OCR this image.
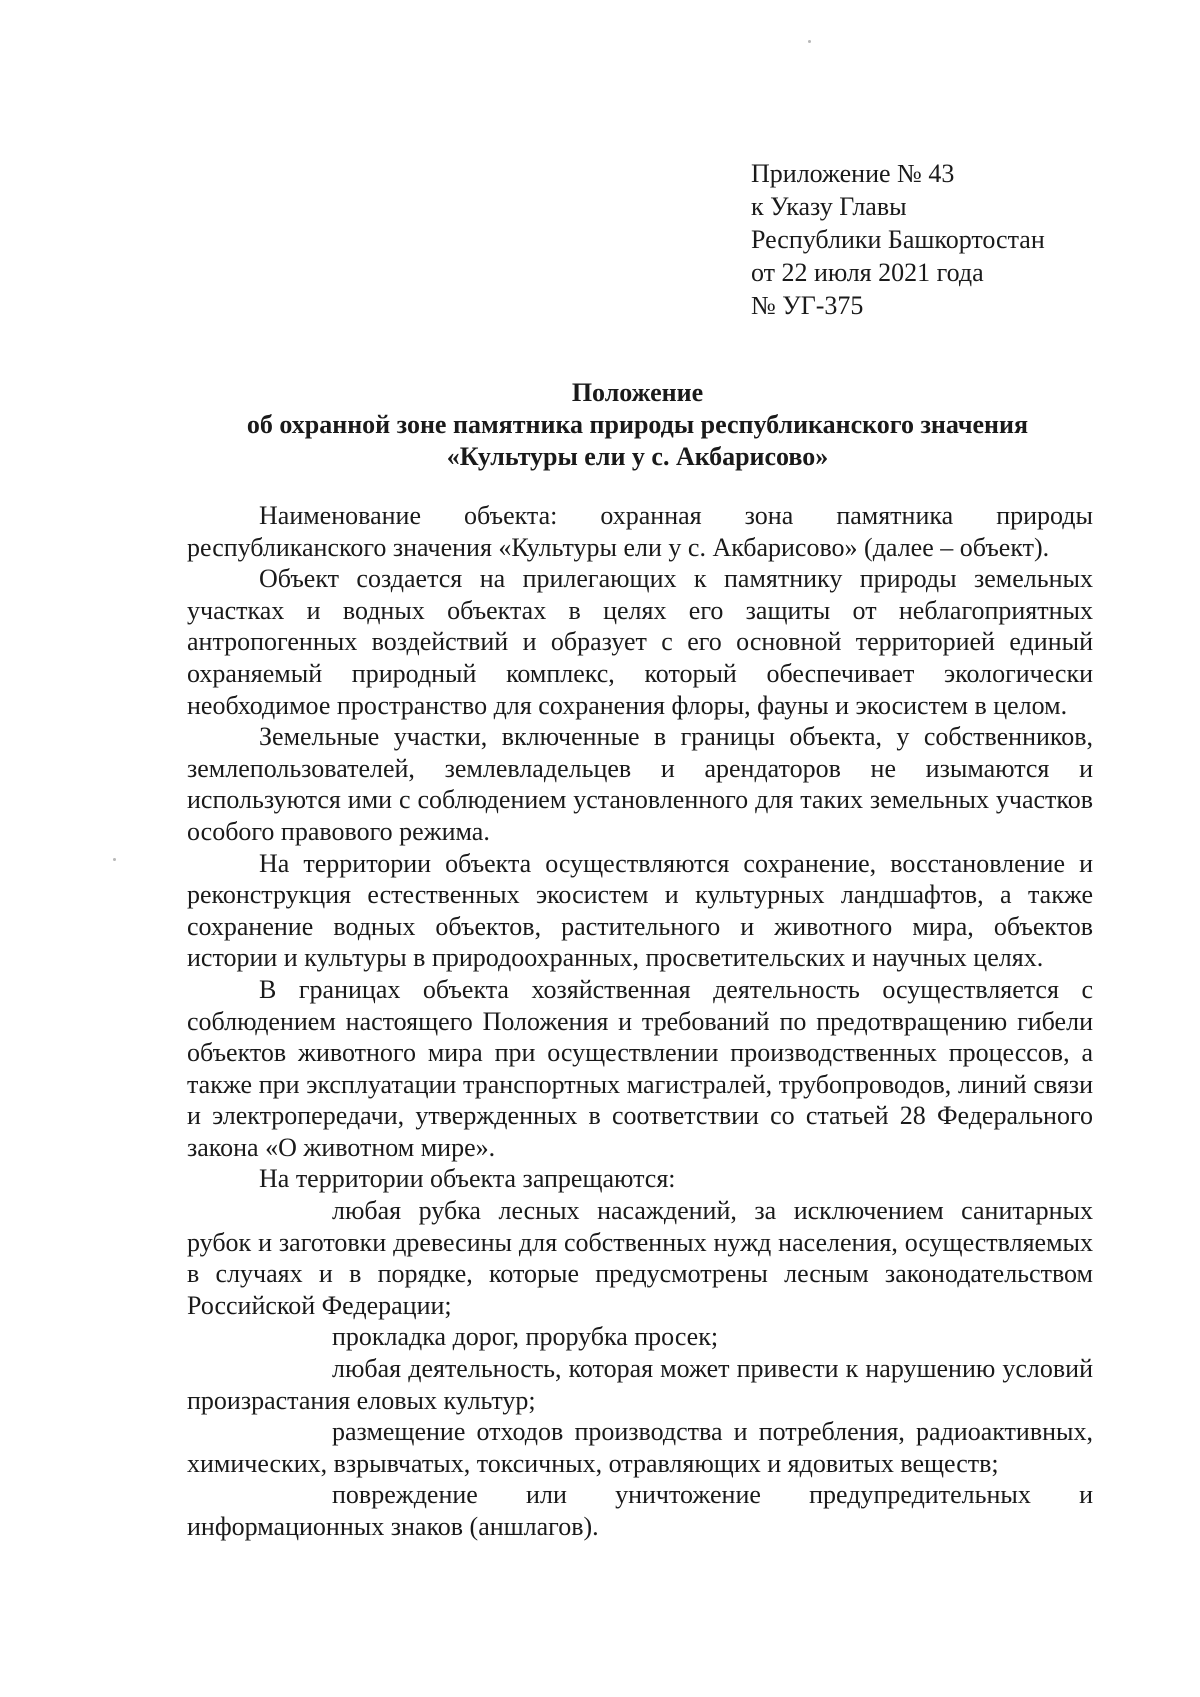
Приложение № 43
к Указу Главы
Республики Башкортостан
от 22 июля 2021 года
№ УГ-375
Положение
об охранной зоне памятника природы республиканского значения
«Культуры ели у с. Акбарисово»

Наименование объекта: охранная зона памятника природы республиканского значения «Культуры ели у с. Акбарисово» (далее – объект).

Объект создается на прилегающих к памятнику природы земельных участках и водных объектах в целях его защиты от неблагоприятных антропогенных воздействий и образует с его основной территорией единый охраняемый природный комплекс, который обеспечивает экологически необходимое пространство для сохранения флоры, фауны и экосистем в целом.

Земельные участки, включенные в границы объекта, у собственников, землепользователей, землевладельцев и арендаторов не изымаются и используются ими с соблюдением установленного для таких земельных участков особого правового режима.

На территории объекта осуществляются сохранение, восстановление и реконструкция естественных экосистем и культурных ландшафтов, а также сохранение водных объектов, растительного и животного мира, объектов истории и культуры в природоохранных, просветительских и научных целях.

В границах объекта хозяйственная деятельность осуществляется с соблюдением настоящего Положения и требований по предотвращению гибели объектов животного мира при осуществлении производственных процессов, а также при эксплуатации транспортных магистралей, трубопроводов, линий связи и электропередачи, утвержденных в соответствии со статьей 28 Федерального закона «О животном мире».

На территории объекта запрещаются:

любая рубка лесных насаждений, за исключением санитарных рубок и заготовки древесины для собственных нужд населения, осуществляемых в случаях и в порядке, которые предусмотрены лесным законодательством Российской Федерации;

прокладка дорог, прорубка просек;

любая деятельность, которая может привести к нарушению условий произрастания еловых культур;

размещение отходов производства и потребления, радиоактивных, химических, взрывчатых, токсичных, отравляющих и ядовитых веществ;

повреждение или уничтожение предупредительных и информационных знаков (аншлагов).
